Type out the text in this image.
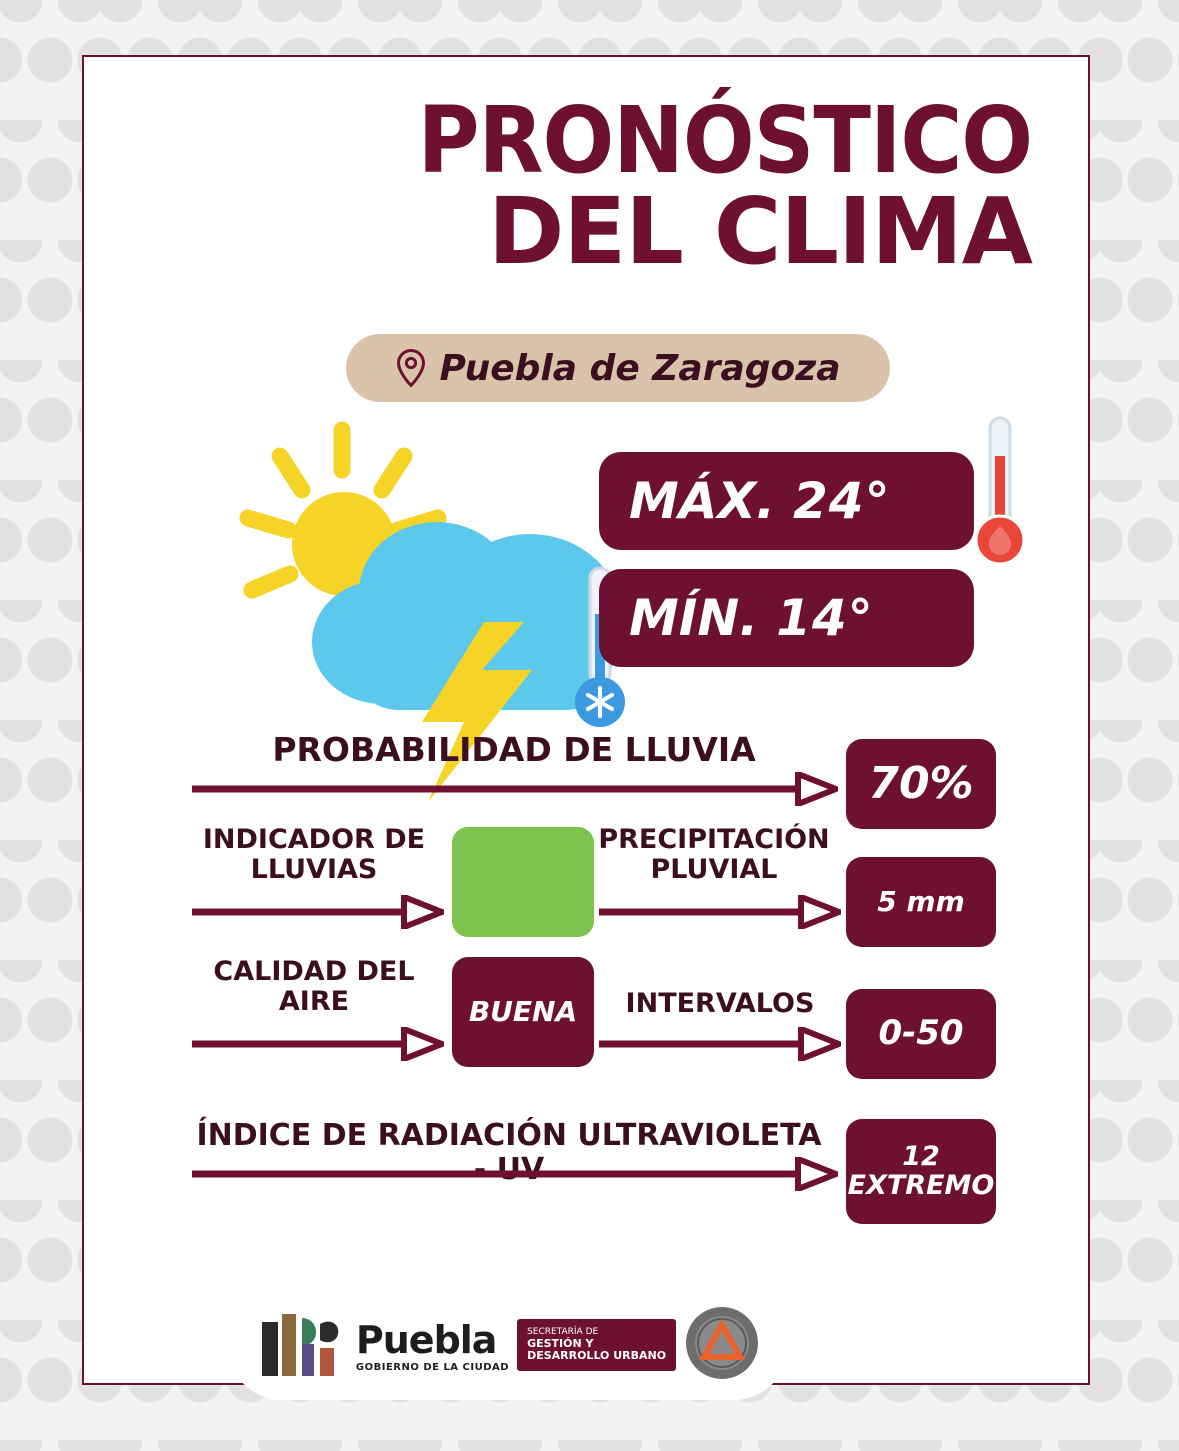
PRONÓSTICO
DEL CLIMA
Puebla de Zaragoza
MÁX. 24°
MÍN. 14°
PROBABILIDAD DE LLUVIA
70%
INDICADOR DE
LLUVIAS
PRECIPITACIÓN
PLUVIAL
5 mm
CALIDAD DEL
AIRE	BUENA	INTERVALOS
0-50
ÍNDICE DE RADIACIÓN ULTRAVIOLETA - UV	12
EXTREMO
Puebla
GOBIERNO DE LA CIUDAD
SECRETARÍA DE
GESTIÓN Y
DESARROLLO URBANO
